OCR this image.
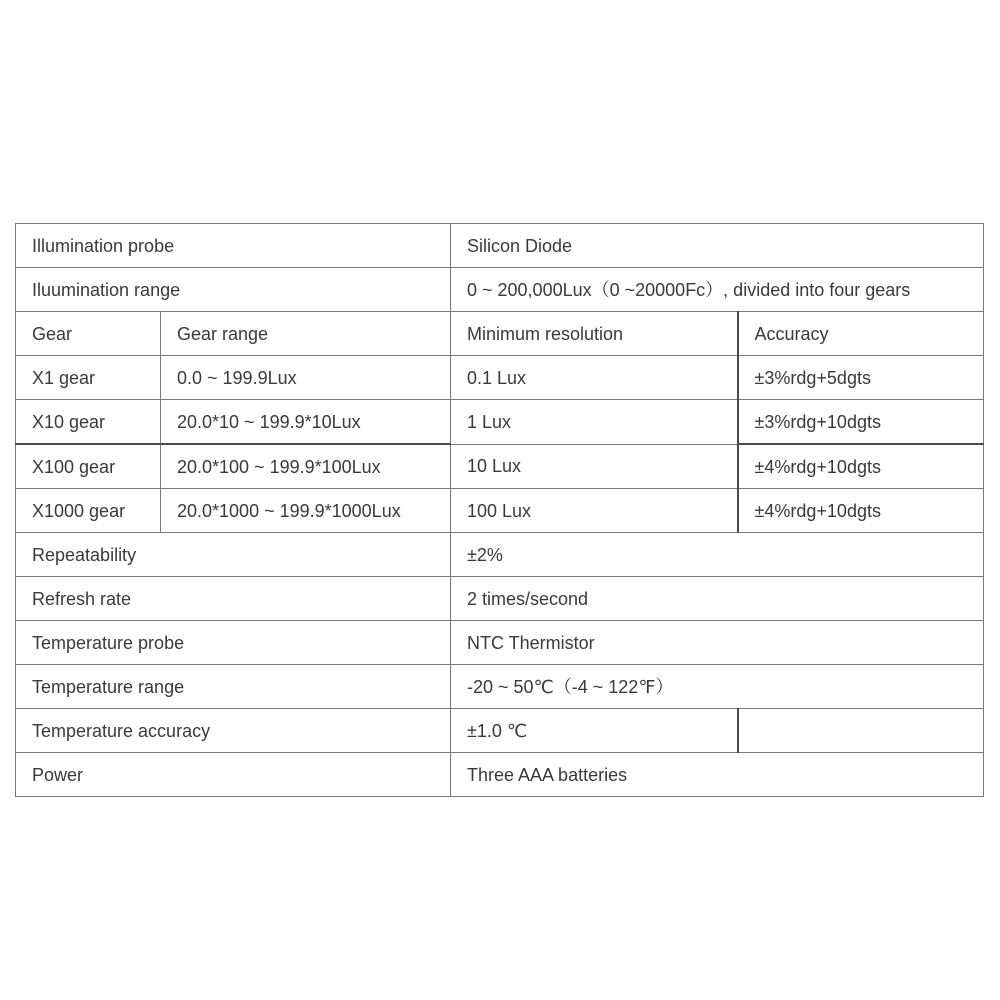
Illumination probe		Silicon Diode	
Iluumination range		0 ~ 200,000Lux（0 ~20000Fc）, divided into four gears	
Gear	Gear range	Minimum resolution	Accuracy
X1 gear	0.0 ~ 199.9Lux	0.1 Lux	±3%rdg+5dgts
X10 gear	20.0*10 ~ 199.9*10Lux	1 Lux	±3%rdg+10dgts
X100 gear	20.0*100 ~ 199.9*100Lux	10 Lux	±4%rdg+10dgts
X1000 gear	20.0*1000 ~ 199.9*1000Lux	100 Lux	±4%rdg+10dgts
Repeatability		±2%	
Refresh rate		2 times/second	
Temperature probe		NTC Thermistor	
Temperature range		-20 ~ 50℃（-4 ~ 122℉）	
Temperature accuracy		±1.0 ℃	
Power		Three AAA batteries	
